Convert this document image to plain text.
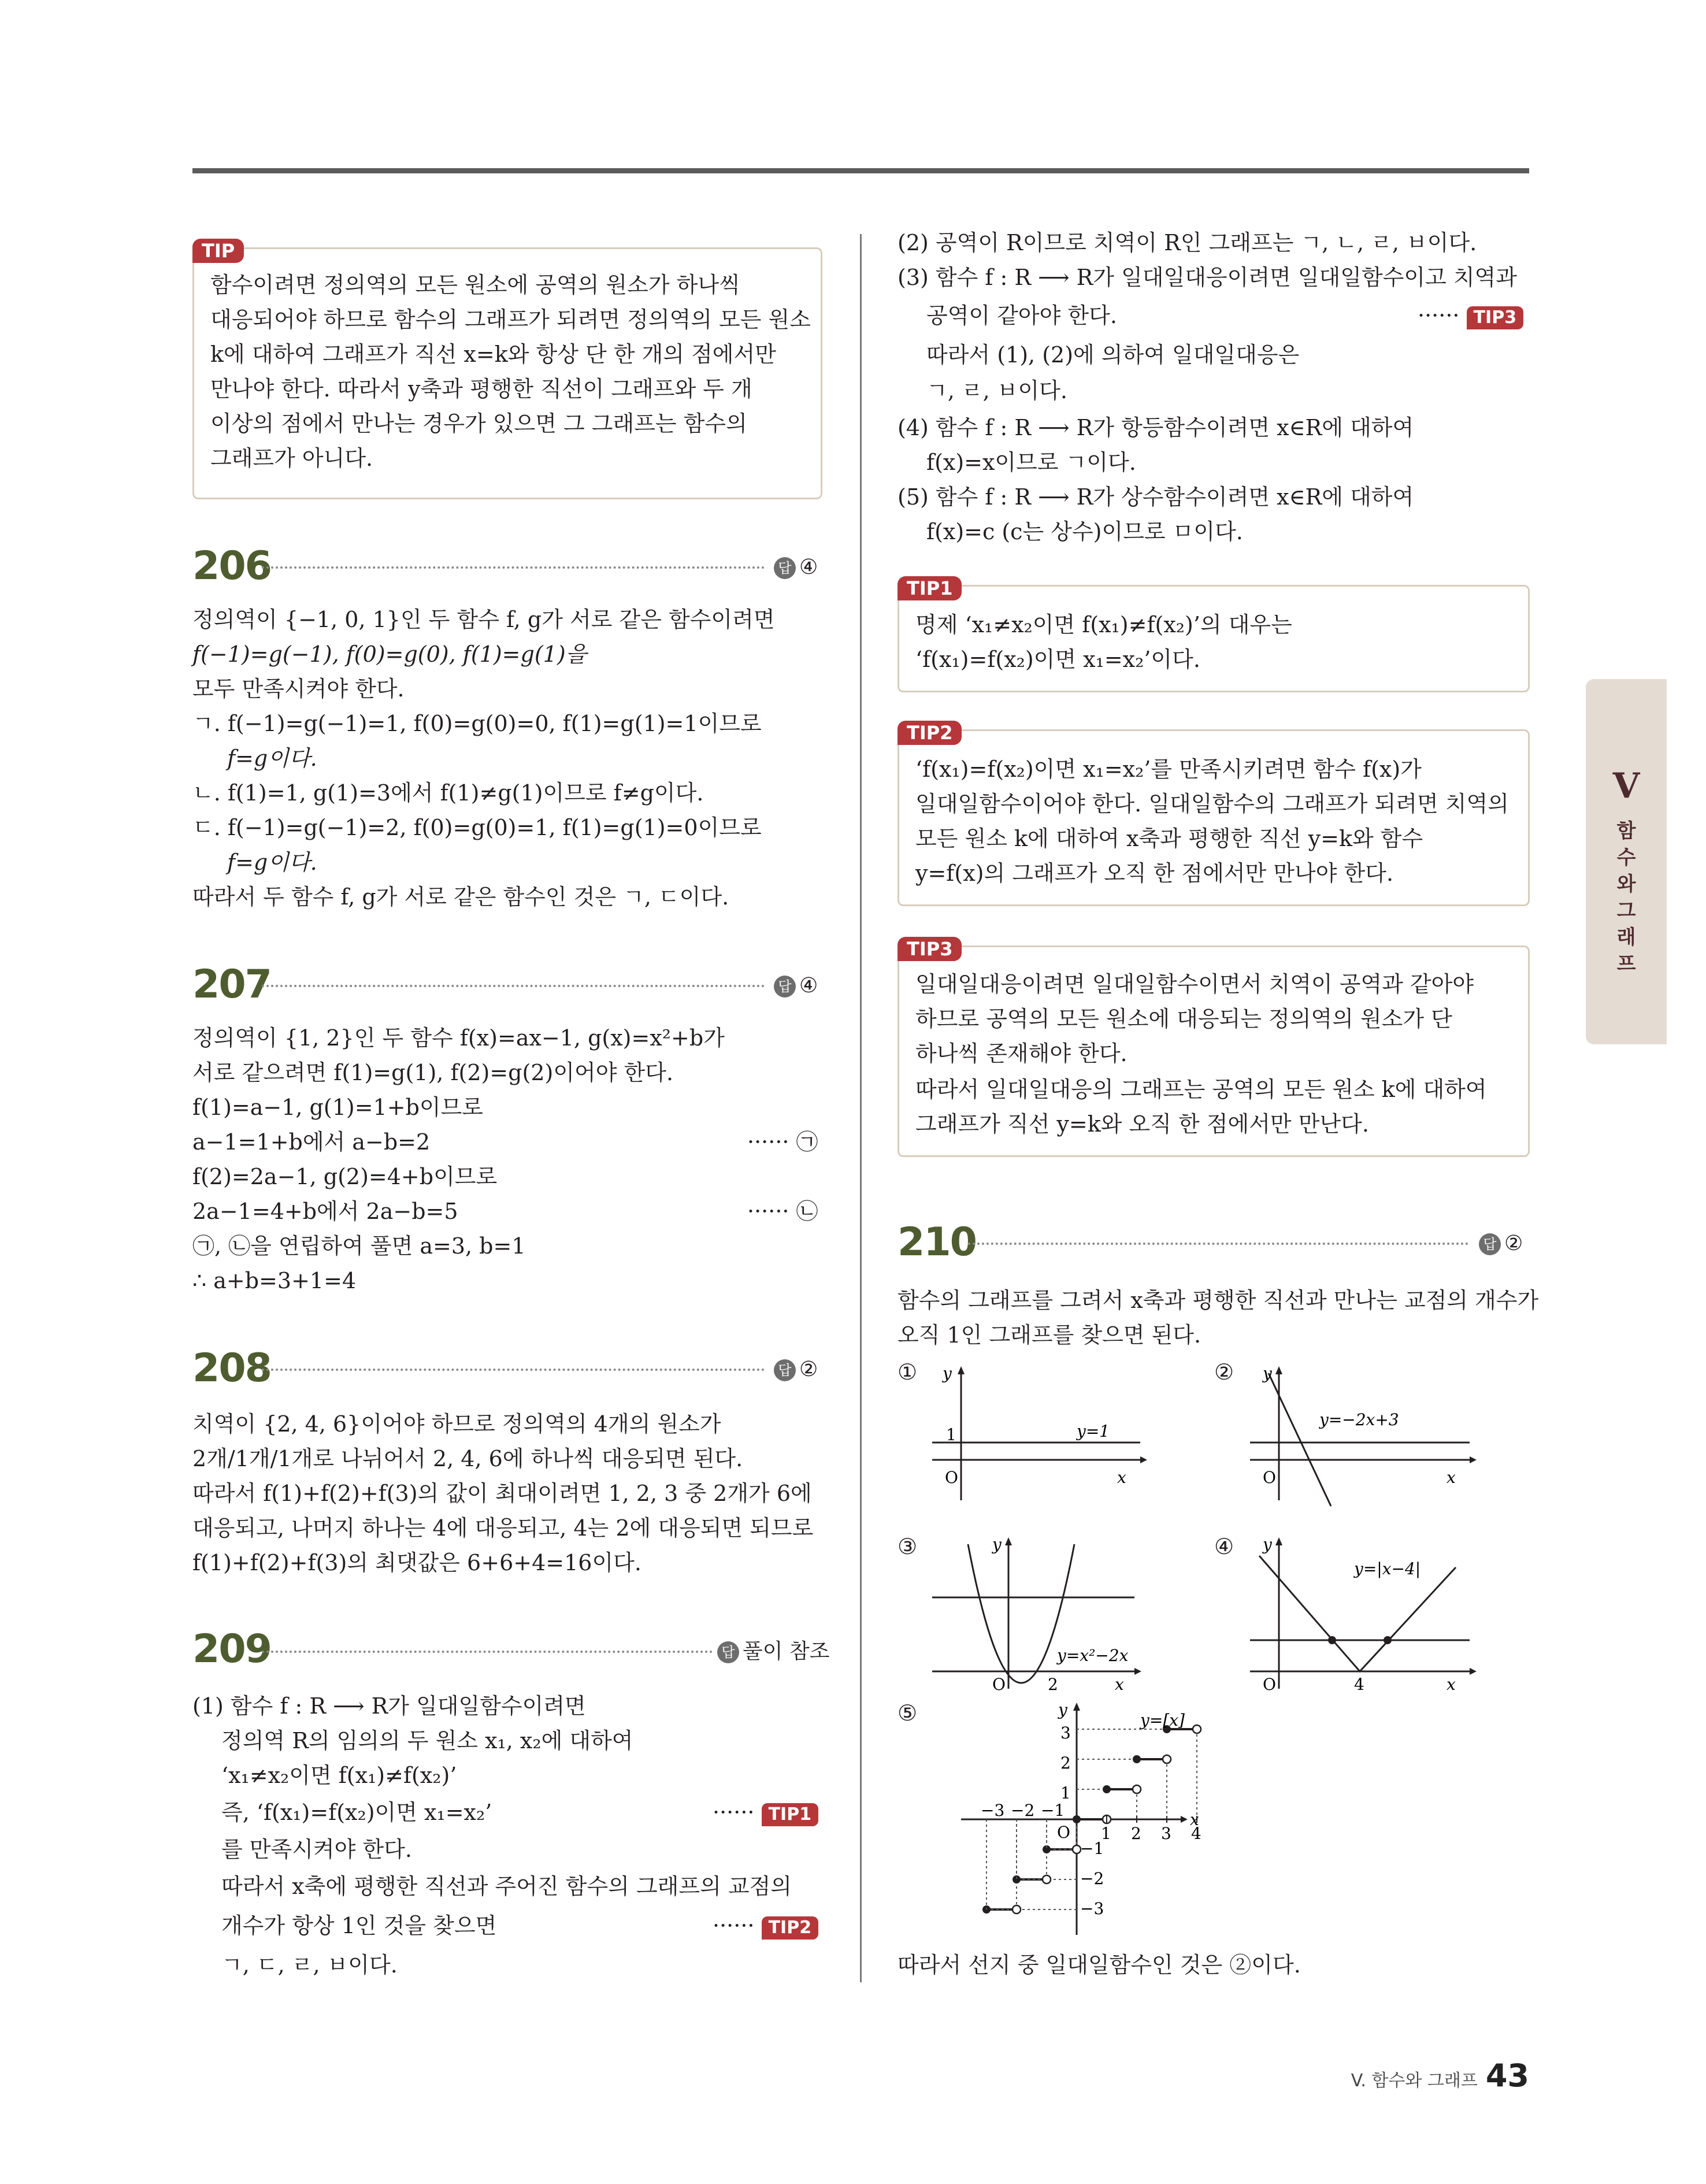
TIP
함수이려면 정의역의 모든 원소에 공역의 원소가 하나씩
대응되어야 하므로 함수의 그래프가 되려면 정의역의 모든 원소
k에 대하여 그래프가 직선 x=k와 항상 단 한 개의 점에서만
만나야 한다. 따라서 y축과 평행한 직선이 그래프와 두 개
이상의 점에서 만나는 경우가 있으면 그 그래프는 함수의
그래프가 아니다.
206	답 ④
정의역이 {−1, 0, 1}인 두 함수 f, g가 서로 같은 함수이려면
f(−1)=g(−1), f(0)=g(0), f(1)=g(1)을
모두 만족시켜야 한다.
ㄱ. f(−1)=g(−1)=1, f(0)=g(0)=0, f(1)=g(1)=1이므로
f=g이다.
ㄴ. f(1)=1, g(1)=3에서 f(1)≠g(1)이므로 f≠g이다.
ㄷ. f(−1)=g(−1)=2, f(0)=g(0)=1, f(1)=g(1)=0이므로
f=g이다.
따라서 두 함수 f, g가 서로 같은 함수인 것은 ㄱ, ㄷ이다.
207	답 ④
정의역이 {1, 2}인 두 함수 f(x)=ax−1, g(x)=x²+b가
서로 같으려면 f(1)=g(1), f(2)=g(2)이어야 한다.
f(1)=a−1, g(1)=1+b이므로
a−1=1+b에서 a−b=2	······ ㉠
f(2)=2a−1, g(2)=4+b이므로
2a−1=4+b에서 2a−b=5	······ ㉡
㉠, ㉡을 연립하여 풀면 a=3, b=1
∴ a+b=3+1=4
208	답 ②
치역이 {2, 4, 6}이어야 하므로 정의역의 4개의 원소가
2개/1개/1개로 나뉘어서 2, 4, 6에 하나씩 대응되면 된다.
따라서 f(1)+f(2)+f(3)의 값이 최대이려면 1, 2, 3 중 2개가 6에
대응되고, 나머지 하나는 4에 대응되고, 4는 2에 대응되면 되므로
f(1)+f(2)+f(3)의 최댓값은 6+6+4=16이다.
209	답 풀이 참조
(1) 함수 f : R ⟶ R가 일대일함수이려면
정의역 R의 임의의 두 원소 x₁, x₂에 대하여
‘x₁≠x₂이면 f(x₁)≠f(x₂)’
즉, ‘f(x₁)=f(x₂)이면 x₁=x₂’	······ TIP1
를 만족시켜야 한다.
따라서 x축에 평행한 직선과 주어진 함수의 그래프의 교점의
개수가 항상 1인 것을 찾으면	······ TIP2
ㄱ, ㄷ, ㄹ, ㅂ이다.
(2) 공역이 R이므로 치역이 R인 그래프는 ㄱ, ㄴ, ㄹ, ㅂ이다.
(3) 함수 f : R ⟶ R가 일대일대응이려면 일대일함수이고 치역과
공역이 같아야 한다.	······ TIP3
따라서 (1), (2)에 의하여 일대일대응은
ㄱ, ㄹ, ㅂ이다.
(4) 함수 f : R ⟶ R가 항등함수이려면 x∈R에 대하여
f(x)=x이므로 ㄱ이다.
(5) 함수 f : R ⟶ R가 상수함수이려면 x∈R에 대하여
f(x)=c (c는 상수)이므로 ㅁ이다.
TIP1
명제 ‘x₁≠x₂이면 f(x₁)≠f(x₂)’의 대우는
‘f(x₁)=f(x₂)이면 x₁=x₂’이다.
TIP2
‘f(x₁)=f(x₂)이면 x₁=x₂’를 만족시키려면 함수 f(x)가
일대일함수이어야 한다. 일대일함수의 그래프가 되려면 치역의
모든 원소 k에 대하여 x축과 평행한 직선 y=k와 함수
y=f(x)의 그래프가 오직 한 점에서만 만나야 한다.
TIP3
일대일대응이려면 일대일함수이면서 치역이 공역과 같아야
하므로 공역의 모든 원소에 대응되는 정의역의 원소가 단
하나씩 존재해야 한다.
따라서 일대일대응의 그래프는 공역의 모든 원소 k에 대하여
그래프가 직선 y=k와 오직 한 점에서만 만난다.
210	답 ②
함수의 그래프를 그려서 x축과 평행한 직선과 만나는 교점의 개수가
오직 1인 그래프를 찾으면 된다.
① y
1	y=1
O	x
② y
y=−2x+3
O	x
③	y
y=x²−2x
O	2	x
④ y
y=|x−4|
O	4	x
⑤	y
y=[x]
O
x
−3 −2 −1
1 2 3 4
3
2
1
−1
−2
−3
따라서 선지 중 일대일함수인 것은 ②이다.
V
함
수
와
그
래
프
V. 함수와 그래프 43
